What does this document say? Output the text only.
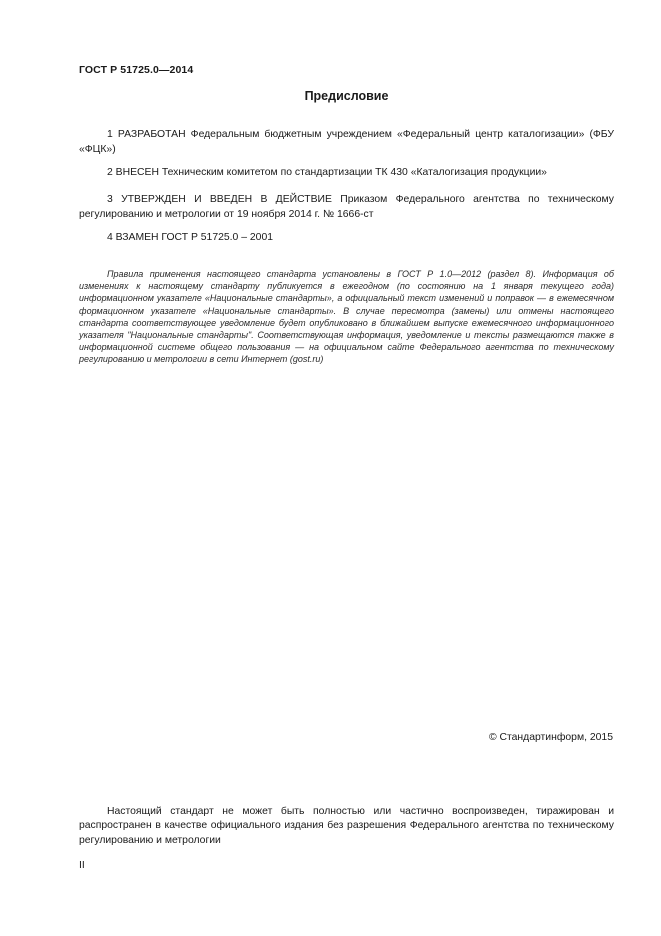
ГОСТ Р 51725.0—2014
Предисловие

1 РАЗРАБОТАН Федеральным бюджетным учреждением «Федеральный центр каталогизации» (ФБУ «ФЦК»)

2 ВНЕСЕН Техническим комитетом по стандартизации ТК 430 «Каталогизация продукции»

3 УТВЕРЖДЕН И ВВЕДЕН В ДЕЙСТВИЕ Приказом Федерального агентства по техническому регулированию и метрологии от 19 ноября 2014 г. № 1666-ст

4 ВЗАМЕН ГОСТ Р 51725.0 – 2001

Правила применения настоящего стандарта установлены в ГОСТ Р 1.0—2012 (раздел 8). Информация об изменениях к настоящему стандарту публикуется в ежегодном (по состоянию на 1 января текущего года) информационном указателе «Национальные стандарты», а официальный текст изменений и поправок — в ежемесячном формационном указателе «Национальные стандарты». В случае пересмотра (замены) или отмены настоящего стандарта соответствующее уведомление будет опубликовано в ближайшем выпуске ежемесячного информационного указателя "Национальные стандарты". Соответствующая информация, уведомление и тексты размещаются также в информационной системе общего пользования — на официальном сайте Федерального агентства по техническому регулированию и метрологии в сети Интернет (gost.ru)

© Стандартинформ, 2015

Настоящий стандарт не может быть полностью или частично воспроизведен, тиражирован и распространен в качестве официального издания без разрешения Федерального агентства по техническому регулированию и метрологии

II
